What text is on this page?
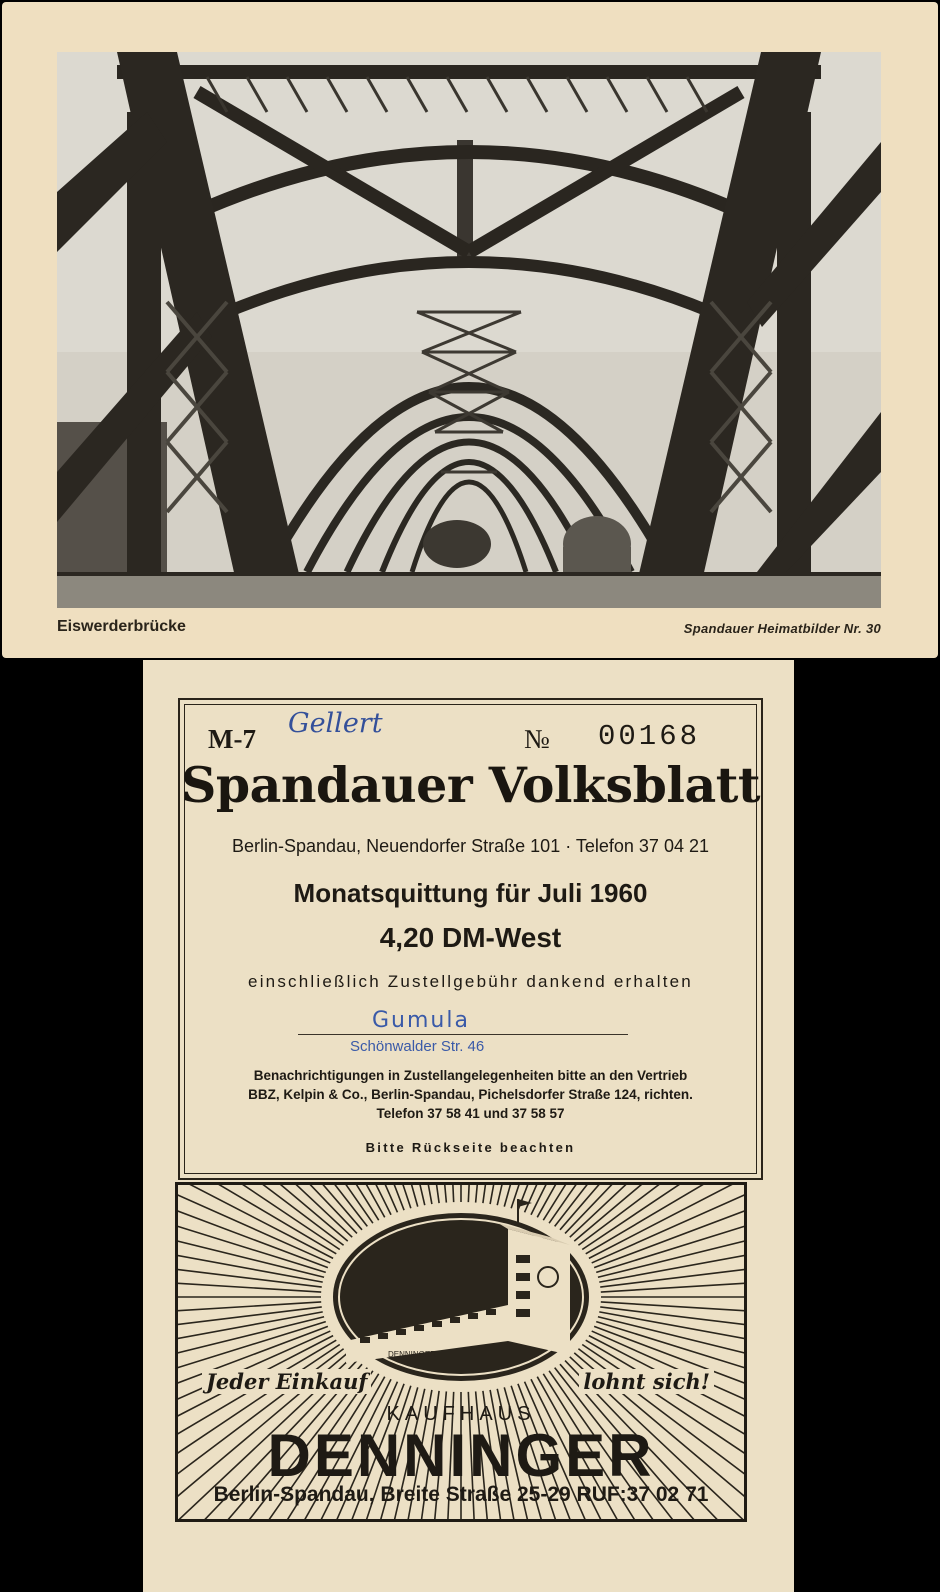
Eiswerderbrücke	Spandauer Heimatbilder Nr. 30
M-7 Gellert	№ 00168
Spandauer Volksblatt
Berlin-Spandau, Neuendorfer Straße 101 · Telefon 37 04 21
Monatsquittung für Juli 1960
4,20 DM-West
einschließlich Zustellgebühr dankend erhalten
Gumula
Schönwalder Str. 46
Benachrichtigungen in Zustellangelegenheiten bitte an den Vertrieb
BBZ, Kelpin & Co., Berlin-Spandau, Pichelsdorfer Straße 124, richten.
Telefon 37 58 41 und 37 58 57
Bitte Rückseite beachten
DENNINGER
Jeder Einkauf	lohnt sich!
KAUFHAUS
DENNINGER
Berlin-Spandau, Breite Straße 25-29 RUF:37 02 71
